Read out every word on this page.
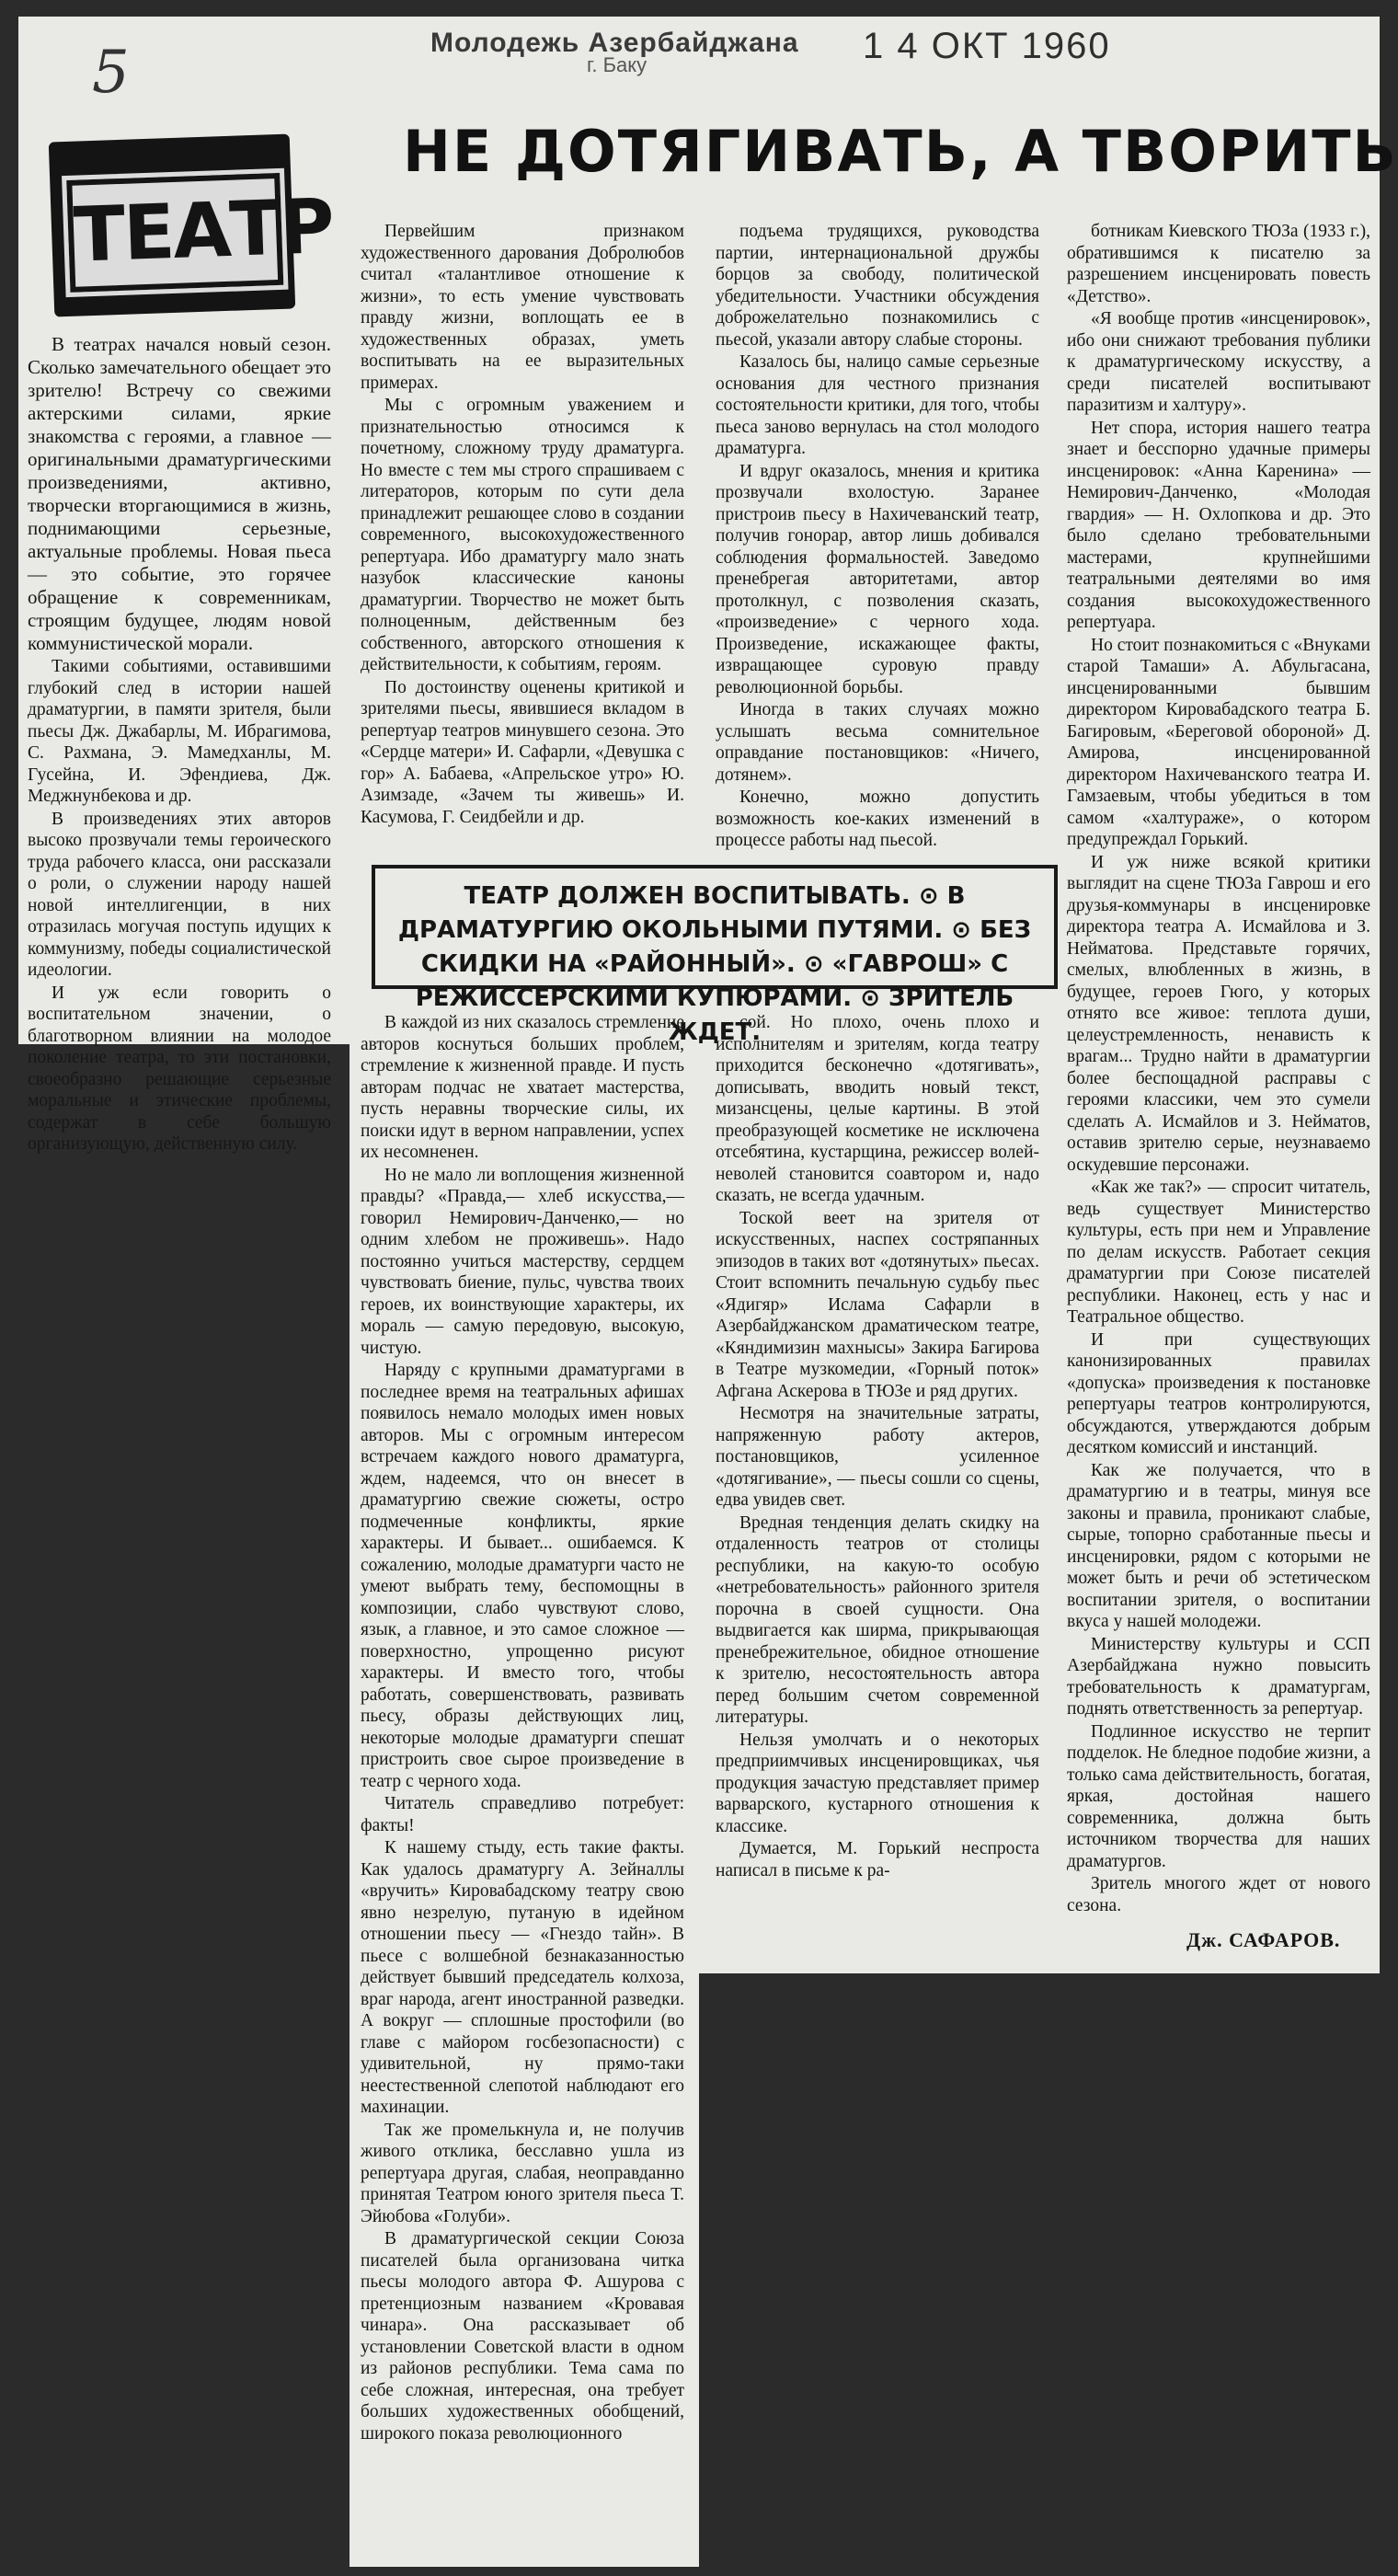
5	Молодежь Азербайджана
г. Баку	1 4 ОКТ 1960
ТЕАТР
НЕ ДОТЯГИВАТЬ, А ТВОРИТЬ

В театрах начался новый сезон. Сколько замечательного обещает это зрителю! Встречу со свежими актерскими силами, яркие знакомства с героями, а главное — оригинальными драматургическими произведениями, активно, творчески вторгающимися в жизнь, поднимающими серьезные, актуальные проблемы. Новая пьеса — это событие, это горячее обращение к современникам, строящим будущее, людям новой коммунистической морали.

Такими событиями, оставившими глубокий след в истории нашей драматургии, в памяти зрителя, были пьесы Дж. Джабарлы, М. Ибрагимова, С. Рахмана, Э. Мамедханлы, М. Гусейна, И. Эфендиева, Дж. Меджнунбекова и др.

В произведениях этих авторов высоко прозвучали темы героического труда рабочего класса, они рассказали о роли, о служении народу нашей новой интеллигенции, в них отразилась могучая поступь идущих к коммунизму, победы социалистической идеологии.

И уж если говорить о воспитательном значении, о благотворном влиянии на молодое поколение театра, то эти постановки, своеобразно решающие серьезные моральные и этические проблемы, содержат в себе большую организующую, действенную силу.

Первейшим признаком художественного дарования Добролюбов считал «талантливое отношение к жизни», то есть умение чувствовать правду жизни, воплощать ее в художественных образах, уметь воспитывать на ее выразительных примерах.

Мы с огромным уважением и признательностью относимся к почетному, сложному труду драматурга. Но вместе с тем мы строго спрашиваем с литераторов, которым по сути дела принадлежит решающее слово в создании современного, высокохудожественного репертуара. Ибо драматургу мало знать назубок классические каноны драматургии. Творчество не может быть полноценным, действенным без собственного, авторского отношения к действительности, к событиям, героям.

По достоинству оценены критикой и зрителями пьесы, явившиеся вкладом в репертуар театров минувшего сезона. Это «Сердце матери» И. Сафарли, «Девушка с гор» А. Бабаева, «Апрельское утро» Ю. Азимзаде, «Зачем ты живешь» И. Касумова, Г. Сеидбейли и др.

подъема трудящихся, руководства партии, интернациональной дружбы борцов за свободу, политической убедительности. Участники обсуждения доброжелательно познакомились с пьесой, указали автору слабые стороны.

Казалось бы, налицо самые серьезные основания для честного признания состоятельности критики, для того, чтобы пьеса заново вернулась на стол молодого драматурга.

И вдруг оказалось, мнения и критика прозвучали вхолостую. Заранее пристроив пьесу в Нахичеванский театр, получив гонорар, автор лишь добивался соблюдения формальностей. Заведомо пренебрегая авторитетами, автор протолкнул, с позволения сказать, «произведение» с черного хода. Произведение, искажающее факты, извращающее суровую правду революционной борьбы.

Иногда в таких случаях можно услышать весьма сомнительное оправдание постановщиков: «Ничего, дотянем».

Конечно, можно допустить возможность кое-каких изменений в процессе работы над пьесой.

ботникам Киевского ТЮЗа (1933 г.), обратившимся к писателю за разрешением инсценировать повесть «Детство».

«Я вообще против «инсценировок», ибо они снижают требования публики к драматургическому искусству, а среди писателей воспитывают паразитизм и халтуру».

Нет спора, история нашего театра знает и бесспорно удачные примеры инсценировок: «Анна Каренина» — Немирович-Данченко, «Молодая гвардия» — Н. Охлопкова и др. Это было сделано требовательными мастерами, крупнейшими театральными деятелями во имя создания высокохудожественного репертуара.

Но стоит познакомиться с «Внуками старой Тамаши» А. Абульгасана, инсценированными бывшим директором Кировабадского театра Б. Багировым, «Береговой обороной» Д. Амирова, инсценированной директором Нахичеванского театра И. Гамзаевым, чтобы убедиться в том самом «халтураже», о котором предупреждал Горький.

И уж ниже всякой критики выглядит на сцене ТЮЗа Гаврош и его друзья-коммунары в инсценировке директора театра А. Исмайлова и З. Нейматова. Представьте горячих, смелых, влюбленных в жизнь, в будущее, героев Гюго, у которых отнято все живое: теплота души, целеустремленность, ненависть к врагам... Трудно найти в драматургии более беспощадной расправы с героями классики, чем это сумели сделать А. Исмайлов и З. Нейматов, оставив зрителю серые, неузнаваемо оскудевшие персонажи.

«Как же так?» — спросит читатель, ведь существует Министерство культуры, есть при нем и Управление по делам искусств. Работает секция драматургии при Союзе писателей республики. Наконец, есть у нас и Театральное общество.

И при существующих канонизированных правилах «допуска» произведения к постановке репертуары театров контролируются, обсуждаются, утверждаются добрым десятком комиссий и инстанций.

Как же получается, что в драматургию и в театры, минуя все законы и правила, проникают слабые, сырые, топорно сработанные пьесы и инсценировки, рядом с которыми не может быть и речи об эстетическом воспитании зрителя, о воспитании вкуса у нашей молодежи.

Министерству культуры и ССП Азербайджана нужно повысить требовательность к драматургам, поднять ответственность за репертуар.

Подлинное искусство не терпит подделок. Не бледное подобие жизни, а только сама действительность, богатая, яркая, достойная нашего современника, должна быть источником творчества для наших драматургов.

Зритель многого ждет от нового сезона.

В каждой из них сказалось стремление авторов коснуться больших проблем, стремление к жизненной правде. И пусть авторам подчас не хватает мастерства, пусть неравны творческие силы, их поиски идут в верном направлении, успех их несомненен.

Но не мало ли воплощения жизненной правды? «Правда,— хлеб искусства,— говорил Немирович-Данченко,— но одним хлебом не проживешь». Надо постоянно учиться мастерству, сердцем чувствовать биение, пульс, чувства твоих героев, их воинствующие характеры, их мораль — самую передовую, высокую, чистую.

Наряду с крупными драматургами в последнее время на театральных афишах появилось немало молодых имен новых авторов. Мы с огромным интересом встречаем каждого нового драматурга, ждем, надеемся, что он внесет в драматургию свежие сюжеты, остро подмеченные конфликты, яркие характеры. И бывает... ошибаемся. К сожалению, молодые драматурги часто не умеют выбрать тему, беспомощны в композиции, слабо чувствуют слово, язык, а главное, и это самое сложное — поверхностно, упрощенно рисуют характеры. И вместо того, чтобы работать, совершенствовать, развивать пьесу, образы действующих лиц, некоторые молодые драматурги спешат пристроить свое сырое произведение в театр с черного хода.

Читатель справедливо потребует: факты!

К нашему стыду, есть такие факты. Как удалось драматургу А. Зейналлы «вручить» Кировабадскому театру свою явно незрелую, путаную в идейном отношении пьесу — «Гнездо тайн». В пьесе с волшебной безнаказанностью действует бывший председатель колхоза, враг народа, агент иностранной разведки. А вокруг — сплошные простофили (во главе с майором госбезопасности) с удивительной, ну прямо-таки неестественной слепотой наблюдают его махинации.

Так же промелькнула и, не получив живого отклика, бесславно ушла из репертуара другая, слабая, неоправданно принятая Театром юного зрителя пьеса Т. Эйюбова «Голуби».

В драматургической секции Союза писателей была организована читка пьесы молодого автора Ф. Ашурова с претенциозным названием «Кровавая чинара». Она рассказывает об установлении Советской власти в одном из районов республики. Тема сама по себе сложная, интересная, она требует больших художественных обобщений, широкого показа революционного

сой. Но плохо, очень плохо и исполнителям и зрителям, когда театру приходится бесконечно «дотягивать», дописывать, вводить новый текст, мизансцены, целые картины. В этой преобразующей косметике не исключена отсебятина, кустарщина, режиссер волей-неволей становится соавтором и, надо сказать, не всегда удачным.

Тоской веет на зрителя от искусственных, наспех состряпанных эпизодов в таких вот «дотянутых» пьесах. Стоит вспомнить печальную судьбу пьес «Ядигяр» Ислама Сафарли в Азербайджанском драматическом театре, «Кяндимизин махнысы» Закира Багирова в Театре музкомедии, «Горный поток» Афгана Аскерова в ТЮЗе и ряд других.

Несмотря на значительные затраты, напряженную работу актеров, постановщиков, усиленное «дотягивание», — пьесы сошли со сцены, едва увидев свет.

Вредная тенденция делать скидку на отдаленность театров от столицы республики, на какую-то особую «нетребовательность» районного зрителя порочна в своей сущности. Она выдвигается как ширма, прикрывающая пренебрежительное, обидное отношение к зрителю, несостоятельность автора перед большим счетом современной литературы.

Нельзя умолчать и о некоторых предприимчивых инсценировщиках, чья продукция зачастую представляет пример варварского, кустарного отношения к классике.

Думается, М. Горький неспроста написал в письме к ра-

ТЕАТР ДОЛЖЕН ВОСПИТЫВАТЬ. ⊙ В ДРАМАТУРГИЮ ОКОЛЬНЫМИ ПУТЯМИ. ⊙ БЕЗ СКИДКИ НА «РАЙОННЫЙ». ⊙ «ГАВРОШ» С РЕЖИССЕРСКИМИ КУПЮРАМИ. ⊙ ЗРИТЕЛЬ ЖДЕТ.
Дж. САФАРОВ.
